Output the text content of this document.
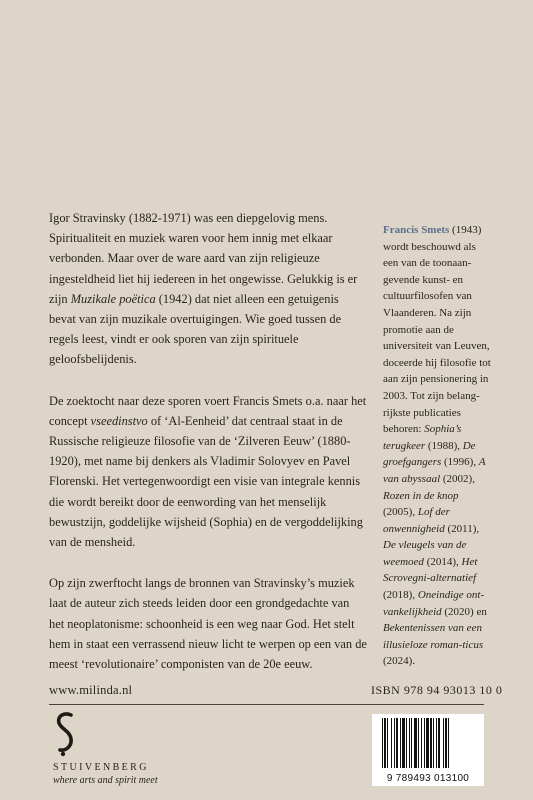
Igor Stravinsky (1882-1971) was een diepgelovig mens. Spiritualiteit en muziek waren voor hem innig met elkaar verbonden. Maar over de ware aard van zijn religieuze ingesteldheid liet hij iedereen in het ongewisse. Gelukkig is er zijn Muzikale poëtica (1942) dat niet alleen een getuigenis bevat van zijn muzikale overtuigingen. Wie goed tussen de regels leest, vindt er ook sporen van zijn spirituele geloofsbelijdenis.

De zoektocht naar deze sporen voert Francis Smets o.a. naar het concept vseedinstvo of ‘Al-Eenheid’ dat centraal staat in de Russische religieuze filosofie van de ‘Zilveren Eeuw’ (1880-1920), met name bij denkers als Vladimir Solovyev en Pavel Florenski. Het vertegenwoordigt een visie van integrale kennis die wordt bereikt door de eenwording van het menselijk bewustzijn, goddelijke wijsheid (Sophia) en de vergoddelijking van de mensheid.

Op zijn zwerftocht langs de bronnen van Stravinsky’s muziek laat de auteur zich steeds leiden door een grondgedachte van het neoplatonisme: schoonheid is een weg naar God. Het stelt hem in staat een verrassend nieuw licht te werpen op een van de meest ‘revolutionaire’ componisten van de 20e eeuw.

Francis Smets (1943) wordt beschouwd als een van de toonaan-gevende kunst- en cultuurfilosofen van Vlaanderen. Na zijn promotie aan de universiteit van Leuven, doceerde hij filosofie tot aan zijn pensionering in 2003. Tot zijn belang-rijkste publicaties behoren: Sophia’s terugkeer (1988), De groefgangers (1996), A van abyssaal (2002), Rozen in de knop (2005), Lof der onwennigheid (2011), De vleugels van de weemoed (2014), Het Scrovegni-alternatief (2018), Oneindige ont-vankelijkheid (2020) en Bekentenissen van een illusieloze roman-ticus (2024).
www.milinda.nl	ISBN 978 94 93013 10 0
STUIVENBERG
where arts and spirit meet	9 789493 013100
